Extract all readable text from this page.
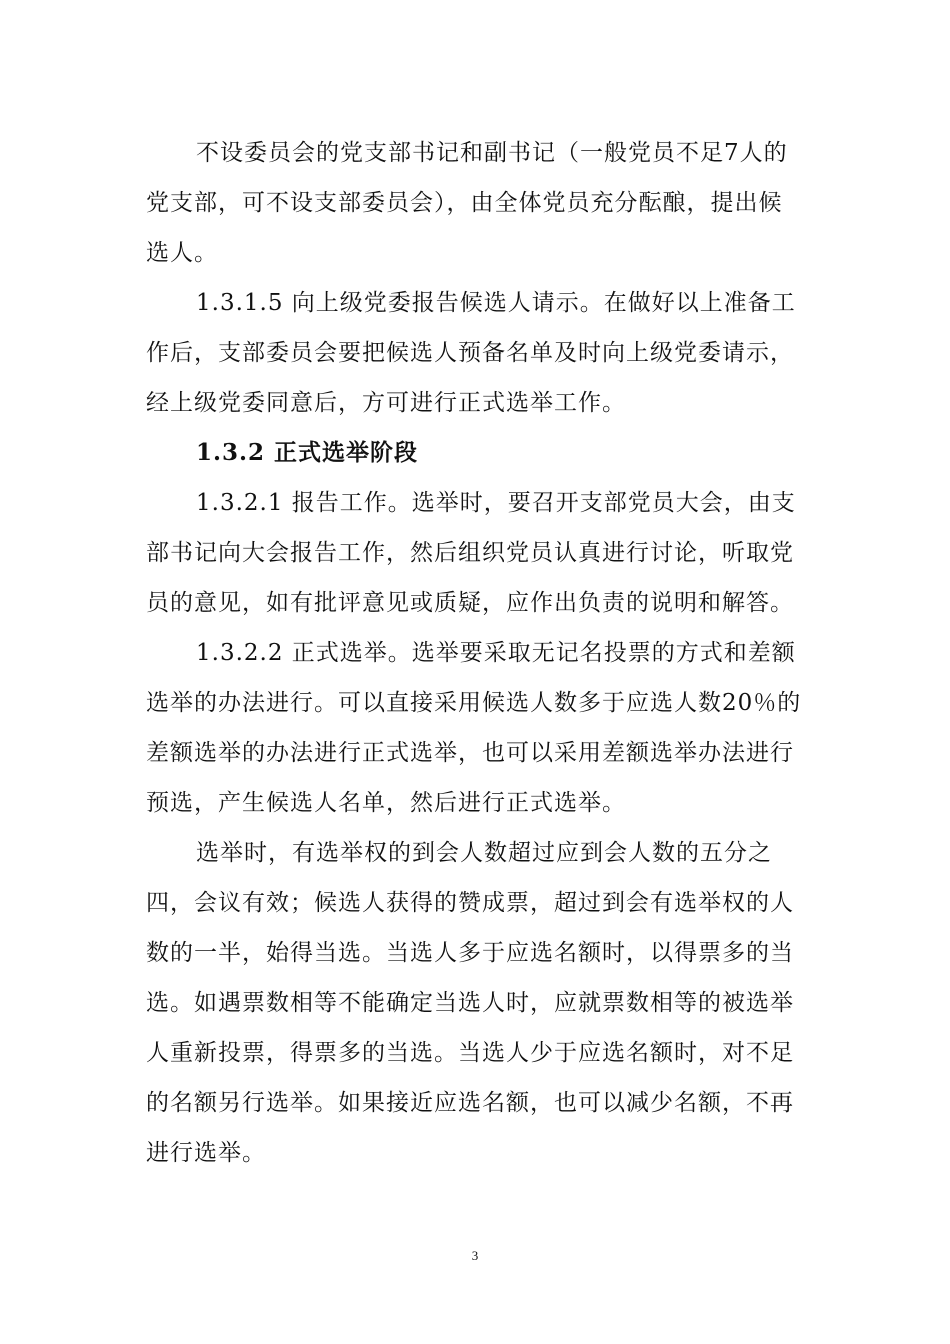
不设委员会的党支部书记和副书记（一般党员不足7人的党支部，可不设支部委员会），由全体党员充分酝酿，提出候选人。

1.3.1.5 向上级党委报告候选人请示。在做好以上准备工作后，支部委员会要把候选人预备名单及时向上级党委请示，经上级党委同意后，方可进行正式选举工作。

1.3.2 正式选举阶段

1.3.2.1 报告工作。选举时，要召开支部党员大会，由支部书记向大会报告工作，然后组织党员认真进行讨论，听取党员的意见，如有批评意见或质疑，应作出负责的说明和解答。

1.3.2.2 正式选举。选举要采取无记名投票的方式和差额选举的办法进行。可以直接采用候选人数多于应选人数20％的差额选举的办法进行正式选举，也可以采用差额选举办法进行预选，产生候选人名单，然后进行正式选举。

选举时，有选举权的到会人数超过应到会人数的五分之四，会议有效；候选人获得的赞成票，超过到会有选举权的人数的一半，始得当选。当选人多于应选名额时，以得票多的当选。如遇票数相等不能确定当选人时，应就票数相等的被选举人重新投票，得票多的当选。当选人少于应选名额时，对不足的名额另行选举。如果接近应选名额，也可以减少名额，不再进行选举。

3
